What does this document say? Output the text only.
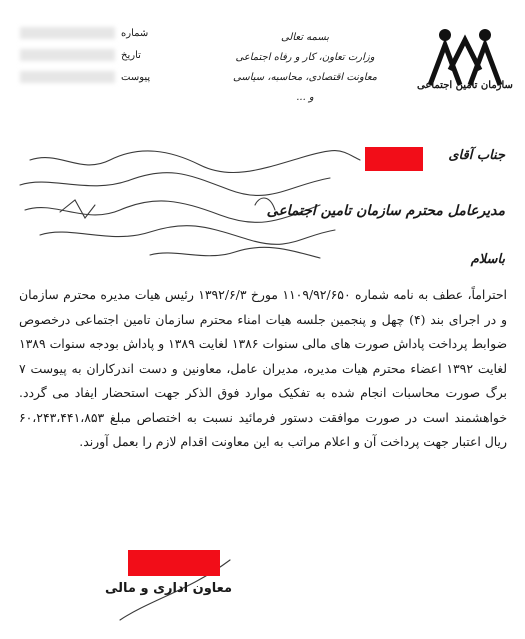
سازمان تامین اجتماعی
بسمه تعالی
وزارت تعاون، کار و رفاه اجتماعی
معاونت اقتصادی، محاسبه، سیاسی و ...
شماره
تاریخ
پیوست
جناب آقای
مدیرعامل محترم سازمان تامین اجتماعی
باسلام
احتراماً، عطف به نامه شماره ۱۱۰۹/۹۲/۶۵۰ مورخ ۱۳۹۲/۶/۳ رئیس هیات مدیره محترم سازمان و در اجرای بند (۴) چهل و پنجمین جلسه هیات امناء محترم سازمان تامین اجتماعی درخصوص ضوابط پرداخت پاداش صورت های مالی سنوات ۱۳۸۶ لغایت ۱۳۸۹ و پاداش بودجه سنوات ۱۳۸۹ لغایت ۱۳۹۲ اعضاء محترم هیات مدیره، مدیران عامل، معاونین و دست اندرکاران به پیوست ۷ برگ صورت محاسبات انجام شده به تفکیک موارد فوق الذکر جهت استحضار ایفاد می گردد. خواهشمند است در صورت موافقت دستور فرمائید نسبت به اختصاص مبلغ ۶۰،۲۴۳،۴۴۱،۸۵۳ ریال اعتبار جهت پرداخت آن و اعلام مراتب به این معاونت اقدام لازم را بعمل آورند.
معاون اداری و مالی
